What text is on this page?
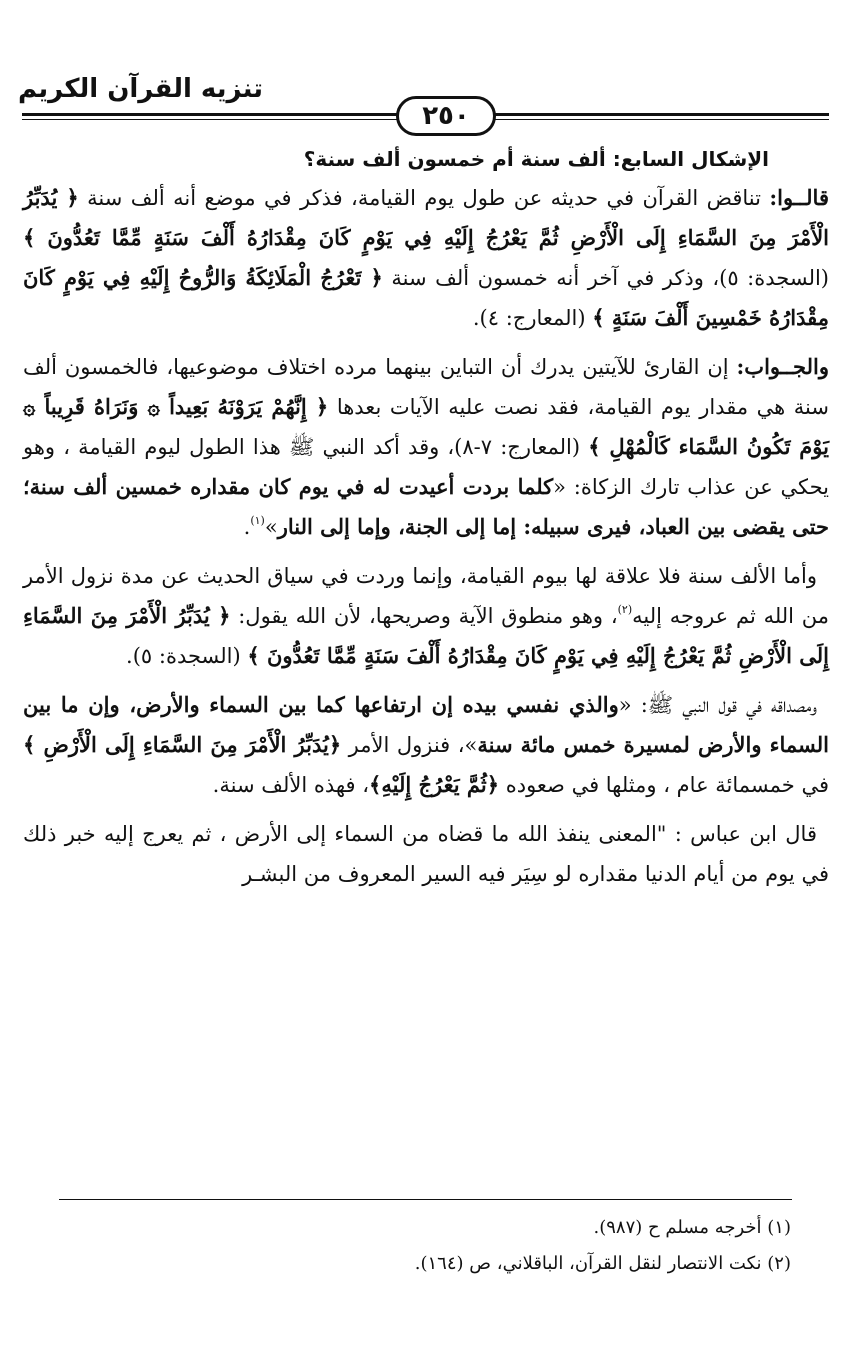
تنزيه القرآن الكريم
٢٥٠
الإشكال السابع: ألف سنة أم خمسون ألف سنة؟

قالــوا: تناقض القرآن في حديثه عن طول يوم القيامة، فذكر في موضع أنه ألف سنة ﴿ يُدَبِّرُ الْأَمْرَ مِنَ السَّمَاءِ إِلَى الْأَرْضِ ثُمَّ يَعْرُجُ إِلَيْهِ فِي يَوْمٍ كَانَ مِقْدَارُهُ أَلْفَ سَنَةٍ مِّمَّا تَعُدُّونَ ﴾ (السجدة: ٥)، وذكر في آخر أنه خمسون ألف سنة ﴿ تَعْرُجُ الْمَلَائِكَةُ وَالرُّوحُ إِلَيْهِ فِي يَوْمٍ كَانَ مِقْدَارُهُ خَمْسِينَ أَلْفَ سَنَةٍ ﴾ (المعارج: ٤).

والجــواب: إن القارئ للآيتين يدرك أن التباين بينهما مرده اختلاف موضوعيها، فالخمسون ألف سنة هي مقدار يوم القيامة، فقد نصت عليه الآيات بعدها ﴿ إِنَّهُمْ يَرَوْنَهُ بَعِيداً ۞ وَنَرَاهُ قَرِيباً ۞ يَوْمَ تَكُونُ السَّمَاء كَالْمُهْلِ ﴾ (المعارج: ٧-٨)، وقد أكد النبي ﷺ هذا الطول ليوم القيامة ، وهو يحكي عن عذاب تارك الزكاة: «كلما بردت أعيدت له في يوم كان مقداره خمسين ألف سنة؛ حتى يقضى بين العباد، فيرى سبيله: إما إلى الجنة، وإما إلى النار»$^{(١)}$.

وأما الألف سنة فلا علاقة لها بيوم القيامة، وإنما وردت في سياق الحديث عن مدة نزول الأمر من الله ثم عروجه إليه$^{(٢)}$، وهو منطوق الآية وصريحها، لأن الله يقول: ﴿ يُدَبِّرُ الْأَمْرَ مِنَ السَّمَاءِ إِلَى الْأَرْضِ ثُمَّ يَعْرُجُ إِلَيْهِ فِي يَوْمٍ كَانَ مِقْدَارُهُ أَلْفَ سَنَةٍ مِّمَّا تَعُدُّونَ ﴾ (السجدة: ٥).

ومصداقه في قول النبي ﷺ: «والذي نفسي بيده إن ارتفاعها كما بين السماء والأرض، وإن ما بين السماء والأرض لمسيرة خمس مائة سنة»، فنزول الأمر ﴿يُدَبِّرُ الْأَمْرَ مِنَ السَّمَاءِ إِلَى الْأَرْضِ ﴾ في خمسمائة عام ، ومثلها في صعوده ﴿ثُمَّ يَعْرُجُ إِلَيْهِ﴾، فهذه الألف سنة.

قال ابن عباس : "المعنى ينفذ الله ما قضاه من السماء إلى الأرض ، ثم يعرج إليه خبر ذلك في يوم من أيام الدنيا مقداره لو سِيَر فيه السير المعروف من البشـر

(١) أخرجه مسلم ح (٩٨٧).

(٢) نكت الانتصار لنقل القرآن، الباقلاني، ص (١٦٤).
